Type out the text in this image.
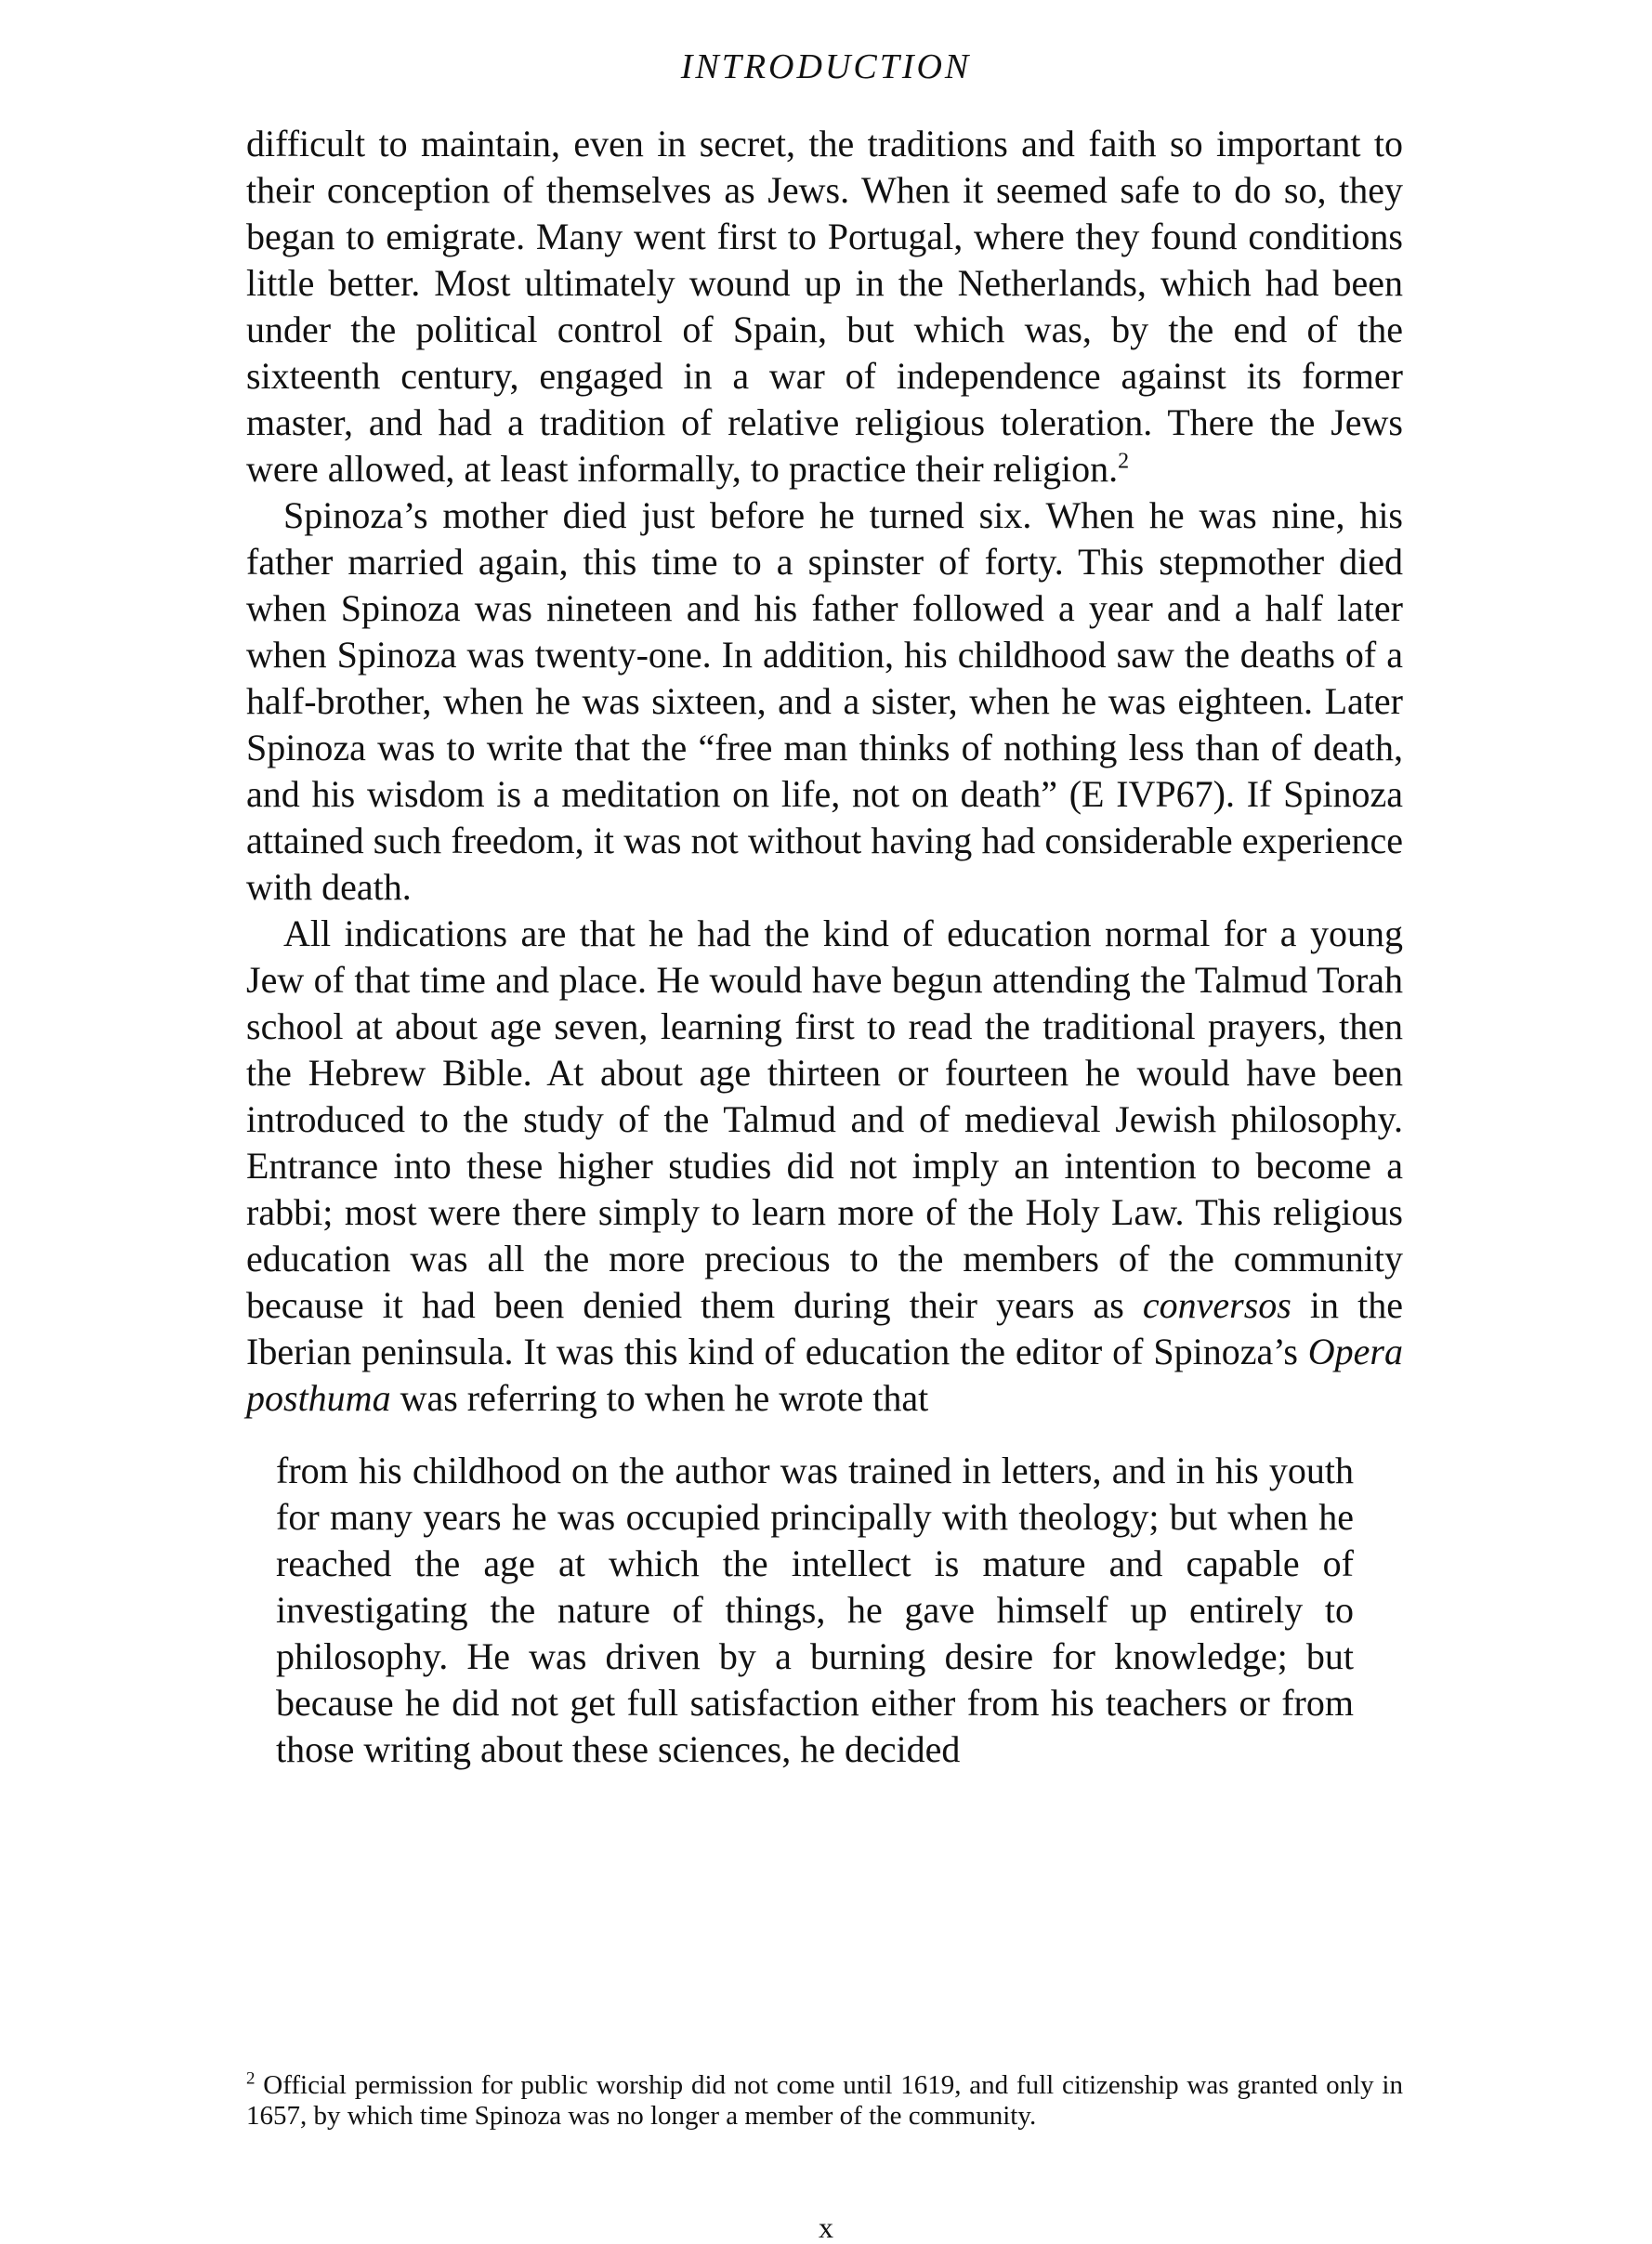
INTRODUCTION

difficult to maintain, even in secret, the traditions and faith so important to their conception of themselves as Jews. When it seemed safe to do so, they began to emigrate. Many went first to Portugal, where they found conditions little better. Most ultimately wound up in the Netherlands, which had been under the political control of Spain, but which was, by the end of the sixteenth century, engaged in a war of independence against its former master, and had a tradition of relative religious toleration. There the Jews were allowed, at least informally, to practice their religion.$^2$

Spinoza’s mother died just before he turned six. When he was nine, his father married again, this time to a spinster of forty. This stepmother died when Spinoza was nineteen and his father followed a year and a half later when Spinoza was twenty-one. In addition, his childhood saw the deaths of a half-brother, when he was sixteen, and a sister, when he was eighteen. Later Spinoza was to write that the “free man thinks of nothing less than of death, and his wisdom is a meditation on life, not on death” (E IVP67). If Spinoza attained such freedom, it was not without having had considerable experience with death.

All indications are that he had the kind of education normal for a young Jew of that time and place. He would have begun attending the Talmud Torah school at about age seven, learning first to read the traditional prayers, then the Hebrew Bible. At about age thirteen or fourteen he would have been introduced to the study of the Talmud and of medieval Jewish philosophy. Entrance into these higher studies did not imply an intention to become a rabbi; most were there simply to learn more of the Holy Law. This religious education was all the more precious to the members of the community because it had been denied them during their years as conversos in the Iberian peninsula. It was this kind of education the editor of Spinoza’s Opera posthuma was referring to when he wrote that

from his childhood on the author was trained in letters, and in his youth for many years he was occupied principally with theology; but when he reached the age at which the intellect is mature and capable of investigating the nature of things, he gave himself up entirely to philosophy. He was driven by a burning desire for knowledge; but because he did not get full satisfaction either from his teachers or from those writing about these sciences, he decided

$^2$ Official permission for public worship did not come until 1619, and full citizenship was granted only in 1657, by which time Spinoza was no longer a member of the community.
x
